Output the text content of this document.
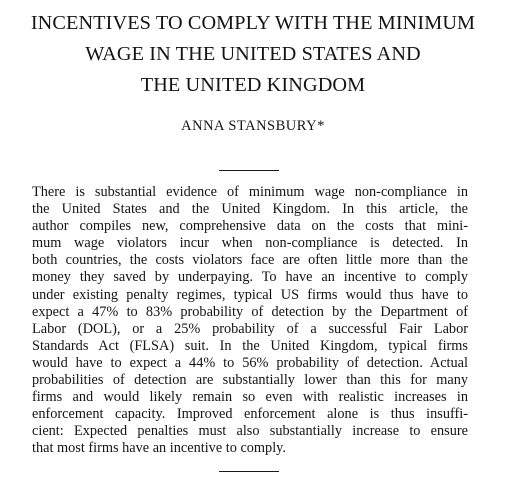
INCENTIVES TO COMPLY WITH THE MINIMUM
WAGE IN THE UNITED STATES AND
THE UNITED KINGDOM
ANNA STANSBURY*
There is substantial evidence of minimum wage non-compliance in
the United States and the United Kingdom. In this article, the
author compiles new, comprehensive data on the costs that mini-
mum wage violators incur when non-compliance is detected. In
both countries, the costs violators face are often little more than the
money they saved by underpaying. To have an incentive to comply
under existing penalty regimes, typical US firms would thus have to
expect a 47% to 83% probability of detection by the Department of
Labor (DOL), or a 25% probability of a successful Fair Labor
Standards Act (FLSA) suit. In the United Kingdom, typical firms
would have to expect a 44% to 56% probability of detection. Actual
probabilities of detection are substantially lower than this for many
firms and would likely remain so even with realistic increases in
enforcement capacity. Improved enforcement alone is thus insuffi-
cient: Expected penalties must also substantially increase to ensure
that most firms have an incentive to comply.
